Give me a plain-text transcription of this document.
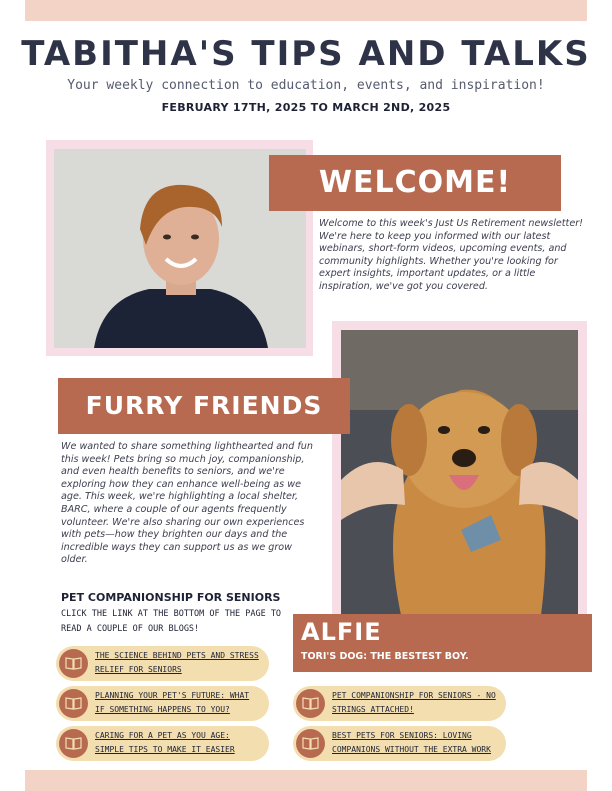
TABITHA'S TIPS AND TALKS
Your weekly connection to education, events, and inspiration!
FEBRUARY 17TH, 2025 TO MARCH 2ND, 2025
WELCOME!
Welcome to this week's Just Us Retirement newsletter! We're here to keep you informed with our latest webinars, short-form videos, upcoming events, and community highlights. Whether you're looking for expert insights, important updates, or a little inspiration, we've got you covered.
FURRY FRIENDS
We wanted to share something lighthearted and fun this week! Pets bring so much joy, companionship, and even health benefits to seniors, and we're exploring how they can enhance well-being as we age. This week, we're highlighting a local shelter, BARC, where a couple of our agents frequently volunteer. We're also sharing our own experiences with pets—how they brighten our days and the incredible ways they can support us as we grow older.
PET COMPANIONSHIP FOR SENIORS
CLICK THE LINK AT THE BOTTOM OF THE PAGE TO READ A COUPLE OF OUR BLOGS!	ALFIE
TORI'S DOG: THE BESTEST BOY.
THE SCIENCE BEHIND PETS AND STRESS RELIEF FOR SENIORS
PLANNING YOUR PET'S FUTURE: WHAT IF SOMETHING HAPPENS TO YOU?
CARING FOR A PET AS YOU AGE: SIMPLE TIPS TO MAKE IT EASIER
PET COMPANIONSHIP FOR SENIORS - NO STRINGS ATTACHED!
BEST PETS FOR SENIORS: LOVING COMPANIONS WITHOUT THE EXTRA WORK
